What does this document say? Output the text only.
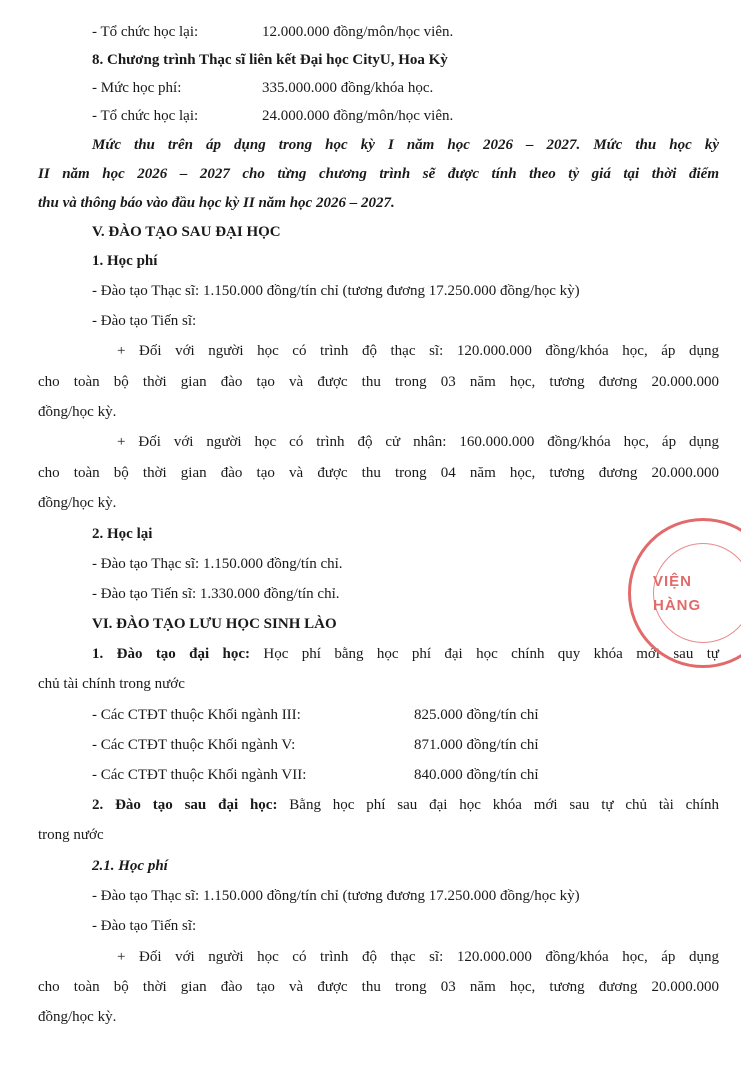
- Tổ chức học lại:	12.000.000 đồng/môn/học viên.
8. Chương trình Thạc sĩ liên kết Đại học CityU, Hoa Kỳ
- Mức học phí:	335.000.000 đồng/khóa học.
- Tổ chức học lại:	24.000.000 đồng/môn/học viên.
Mức thu trên áp dụng trong học kỳ I năm học 2026 – 2027. Mức thu học kỳ
II năm học 2026 – 2027 cho từng chương trình sẽ được tính theo tỷ giá tại thời điểm
thu và thông báo vào đầu học kỳ II năm học 2026 – 2027.
V. ĐÀO TẠO SAU ĐẠI HỌC
1. Học phí
- Đào tạo Thạc sĩ: 1.150.000 đồng/tín chỉ (tương đương 17.250.000 đồng/học kỳ)
- Đào tạo Tiến sĩ:
+ Đối với người học có trình độ thạc sĩ: 120.000.000 đồng/khóa học, áp dụng
cho toàn bộ thời gian đào tạo và được thu trong 03 năm học, tương đương 20.000.000
đồng/học kỳ.
+ Đối với người học có trình độ cử nhân: 160.000.000 đồng/khóa học, áp dụng
cho toàn bộ thời gian đào tạo và được thu trong 04 năm học, tương đương 20.000.000
đồng/học kỳ.
2. Học lại
- Đào tạo Thạc sĩ: 1.150.000 đồng/tín chỉ.
- Đào tạo Tiến sĩ: 1.330.000 đồng/tín chỉ.
VI. ĐÀO TẠO LƯU HỌC SINH LÀO
1. Đào tạo đại học: Học phí bằng học phí đại học chính quy khóa mới sau tự
chủ tài chính trong nước
- Các CTĐT thuộc Khối ngành III:	825.000 đồng/tín chỉ
- Các CTĐT thuộc Khối ngành V:	871.000 đồng/tín chỉ
- Các CTĐT thuộc Khối ngành VII:	840.000 đồng/tín chỉ
2. Đào tạo sau đại học: Bằng học phí sau đại học khóa mới sau tự chủ tài chính
trong nước
2.1. Học phí
- Đào tạo Thạc sĩ: 1.150.000 đồng/tín chỉ (tương đương 17.250.000 đồng/học kỳ)
- Đào tạo Tiến sĩ:
+ Đối với người học có trình độ thạc sĩ: 120.000.000 đồng/khóa học, áp dụng
cho toàn bộ thời gian đào tạo và được thu trong 03 năm học, tương đương 20.000.000
đồng/học kỳ.
VIỆN
HÀNG
